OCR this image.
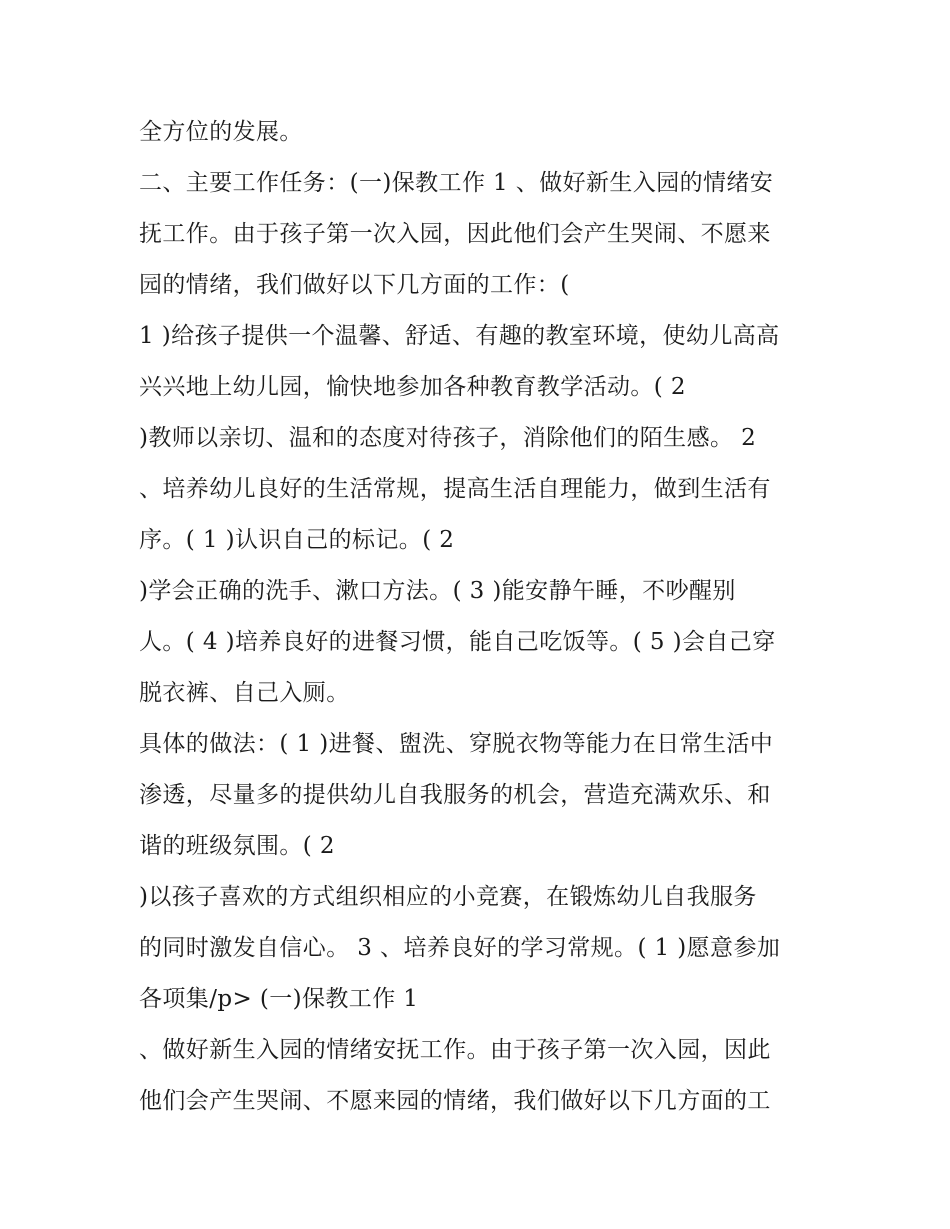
全方位的发展。
二、主要工作任务：(一)保教工作 1 、做好新生入园的情绪安
抚工作。由于孩子第一次入园，因此他们会产生哭闹、不愿来
园的情绪，我们做好以下几方面的工作：(
1 )给孩子提供一个温馨、舒适、有趣的教室环境，使幼儿高高
兴兴地上幼儿园，愉快地参加各种教育教学活动。( 2
)教师以亲切、温和的态度对待孩子，消除他们的陌生感。 2
、培养幼儿良好的生活常规，提高生活自理能力，做到生活有
序。( 1 )认识自己的标记。( 2
)学会正确的洗手、漱口方法。( 3 )能安静午睡，不吵醒别
人。( 4 )培养良好的进餐习惯，能自己吃饭等。( 5 )会自己穿
脱衣裤、自己入厕。
具体的做法：( 1 )进餐、盥洗、穿脱衣物等能力在日常生活中
渗透，尽量多的提供幼儿自我服务的机会，营造充满欢乐、和
谐的班级氛围。( 2
)以孩子喜欢的方式组织相应的小竞赛，在锻炼幼儿自我服务
的同时激发自信心。 3 、培养良好的学习常规。( 1 )愿意参加
各项集/p> (一)保教工作 1
、做好新生入园的情绪安抚工作。由于孩子第一次入园，因此
他们会产生哭闹、不愿来园的情绪，我们做好以下几方面的工
